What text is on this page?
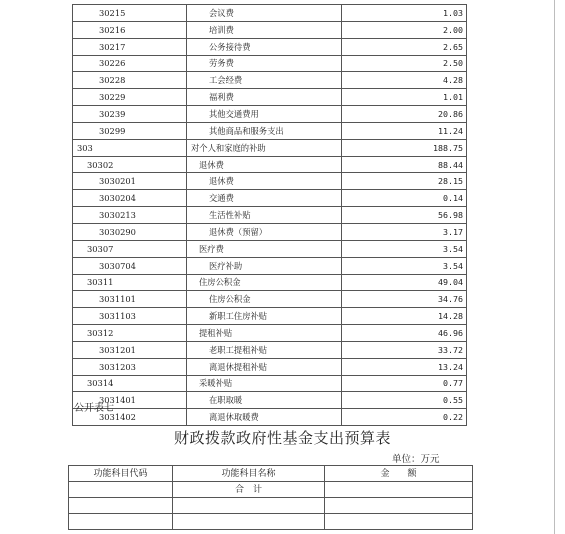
30215	会议费	1.03
30216	培训费	2.00
30217	公务接待费	2.65
30226	劳务费	2.50
30228	工会经费	4.28
30229	福利费	1.01
30239	其他交通费用	20.86
30299	其他商品和服务支出	11.24
303	对个人和家庭的补助	188.75
30302	退休费	88.44
3030201	退休费	28.15
3030204	交通费	0.14
3030213	生活性补贴	56.98
3030290	退休费（预留）	3.17
30307	医疗费	3.54
3030704	医疗补助	3.54
30311	住房公积金	49.04
3031101	住房公积金	34.76
3031103	新职工住房补贴	14.28
30312	提租补贴	46.96
3031201	老职工提租补贴	33.72
3031203	离退休提租补贴	13.24
30314	采暖补贴	0.77
3031401	在职取暖	0.55
3031402	离退休取暖费	0.22
公开表七
财政拨款政府性基金支出预算表
单位：万元
功能科目代码	功能科目名称	金　　额
	合　计	
